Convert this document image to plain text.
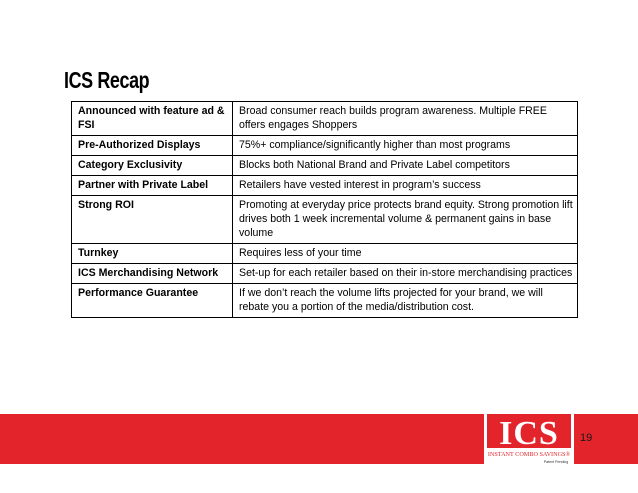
ICS Recap
Announced with feature ad & FSI	Broad consumer reach builds program awareness. Multiple FREE offers engages Shoppers
Pre-Authorized Displays	75%+ compliance/significantly higher than most programs
Category Exclusivity	Blocks both National Brand and Private Label competitors
Partner with Private Label	Retailers have vested interest in program’s success
Strong ROI	Promoting at everyday price protects brand equity. Strong promotion lift drives both 1 week incremental volume & permanent gains in base volume
Turnkey	Requires less of your time
ICS Merchandising Network	Set-up for each retailer based on their in-store merchandising practices
Performance Guarantee	If we don’t reach the volume lifts projected for your brand, we will rebate you a portion of the media/distribution cost.
ICS
INSTANT COMBO SAVINGS®
Patent Pending
19
